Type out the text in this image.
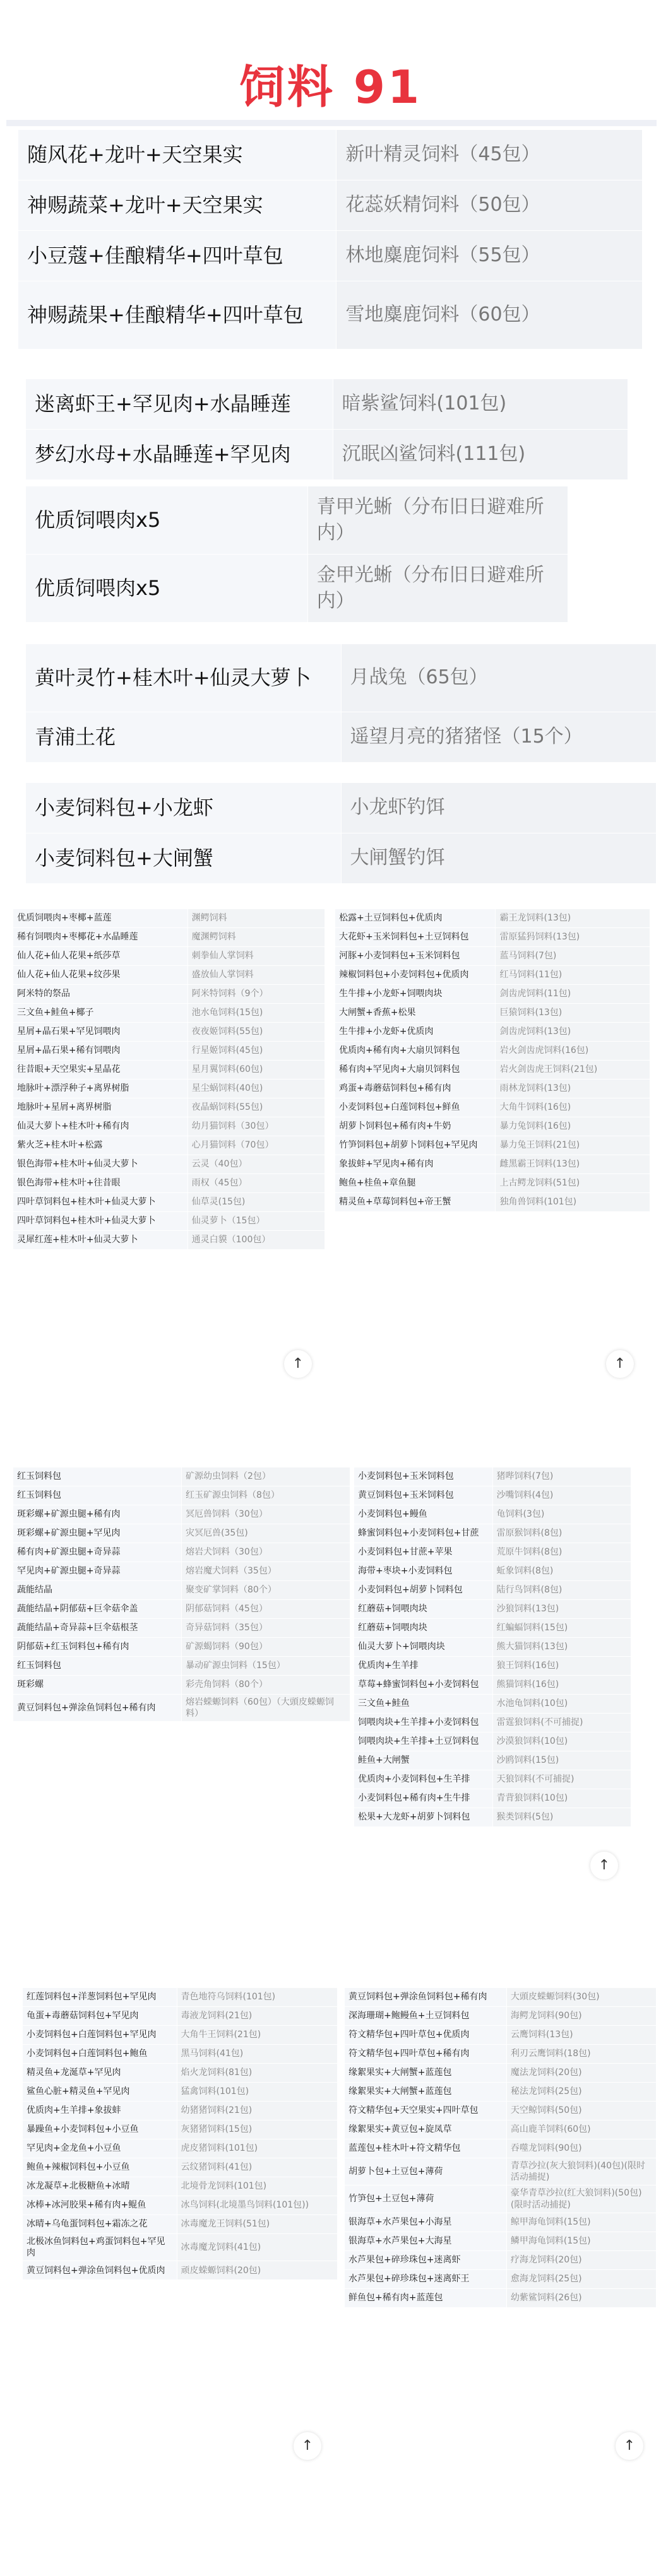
饲料 91
随风花+龙叶+天空果实	新叶精灵饲料（45包）
神赐蔬菜+龙叶+天空果实	花蕊妖精饲料（50包）
小豆蔻+佳酿精华+四叶草包	林地麋鹿饲料（55包）
神赐蔬果+佳酿精华+四叶草包	雪地麋鹿饲料（60包）
迷离虾王+罕见肉+水晶睡莲	暗紫鲨饲料(101包)
梦幻水母+水晶睡莲+罕见肉	沉眠凶鲨饲料(111包)
优质饲喂肉x5	青甲光蜥（分布旧日避难所内）
优质饲喂肉x5	金甲光蜥（分布旧日避难所内）
黄叶灵竹+桂木叶+仙灵大萝卜	月战兔（65包）
青浦土花	遥望月亮的猪猪怪（15个）
小麦饲料包+小龙虾	小龙虾钓饵
小麦饲料包+大闸蟹	大闸蟹钓饵
优质饲喂肉+枣椰+蓝莲	渊鳄饲料
稀有饲喂肉+枣椰花+水晶睡莲	魔渊鳄饲料
仙人花+仙人花果+纸莎草	刺拳仙人掌饲料
仙人花+仙人花果+纹莎果	盛放仙人掌饲料
阿米特的祭品	阿米特饲料（9个）
三文鱼+鲑鱼+椰子	池水龟饲料(15包)
星屑+晶石果+罕见饲喂肉	夜夜姬饲料(55包)
星屑+晶石果+稀有饲喂肉	行星姬饲料(45包)
往昔眼+天空果实+星晶花	星月翼饲料(60包)
地脉叶+漂浮种子+离界树脂	星尘蜗饲料(40包)
地脉叶+星屑+离界树脂	夜晶蜗饲料(55包)
仙灵大萝卜+桂木叶+稀有肉	幼月猫饲料（30包）
紫火芝+桂木叶+松露	心月猫饲料（70包）
银色海带+桂木叶+仙灵大萝卜	云灵（40包）
银色海带+桂木叶+往昔眼	雨权（45包）
四叶草饲料包+桂木叶+仙灵大萝卜	仙草灵(15包)
四叶草饲料包+桂木叶+仙灵大萝卜	仙灵萝卜（15包）
灵犀红莲+桂木叶+仙灵大萝卜	通灵白貘（100包）
↑
松露+土豆饲料包+优质肉	霸王龙饲料(13包)
大花虾+玉米饲料包+土豆饲料包	雷原猛犸饲料(13包)
河豚+小麦饲料包+玉米饲料包	蓝马饲料(7包)
辣椒饲料包+小麦饲料包+优质肉	红马饲料(11包)
生牛排+小龙虾+饲喂肉块	剑齿虎饲料(11包)
大闸蟹+香蕉+松果	巨猿饲料(13包)
生牛排+小龙虾+优质肉	剑齿虎饲料(13包)
优质肉+稀有肉+大扇贝饲料包	岩火剑齿虎饲料(16包)
稀有肉+罕见肉+大扇贝饲料包	岩火剑齿虎王饲料(21包)
鸡蛋+毒蘑菇饲料包+稀有肉	雨林龙饲料(13包)
小麦饲料包+白莲饲料包+鲜鱼	大角牛饲料(16包)
胡萝卜饲料包+稀有肉+牛奶	暴力兔饲料(16包)
竹笋饲料包+胡萝卜饲料包+罕见肉	暴力兔王饲料(21包)
象拔蚌+罕见肉+稀有肉	雌黑霸王饲料(13包)
鲍鱼+桂鱼+章鱼腿	上古鳄龙饲料(51包)
精灵鱼+草莓饲料包+帝王蟹	独角兽饲料(101包)
↑
红玉饲料包	矿源幼虫饲料（2包）
红玉饲料包	红玉矿源虫饲料（8包）
斑彩螺+矿源虫腿+稀有肉	冥厄兽饲料（30包）
斑彩螺+矿源虫腿+罕见肉	灾冥厄兽(35包)
稀有肉+矿源虫腿+奇异蒜	熔岩犬饲料（30包）
罕见肉+矿源虫腿+奇异蒜	熔岩魔犬饲料（35包）
蔬能结晶	聚变矿掌饲料（80个）
蔬能结晶+阴郁菇+巨伞菇伞盖	阴郁菇饲料（45包）
蔬能结晶+奇异蒜+巨伞菇根茎	奇异菇饲料（35包）
阴郁菇+红玉饲料包+稀有肉	矿源蝎饲料（90包）
红玉饲料包	暴动矿源虫饲料（15包）
斑彩螺	彩壳角饲料（80个）
黄豆饲料包+弹涂鱼饲料包+稀有肉	熔岩蝾螈饲料（60包）（大頭皮蝾螈饲料）
小麦饲料包+玉米饲料包	猪哔饲料(7包)
黄豆饲料包+玉米饲料包	沙嘴饲料(4包)
小麦饲料包+鳗鱼	龟饲料(3包)
蜂蜜饲料包+小麦饲料包+甘蔗	雷原猴饲料(8包)
小麦饲料包+甘蔗+苹果	荒原牛饲料(8包)
海带+枣块+小麦饲料包	蚯象饲料(8包)
小麦饲料包+胡萝卜饲料包	陆行鸟饲料(8包)
红蘑菇+饲喂肉块	沙狼饲料(13包)
红蘑菇+饲喂肉块	红蝙蝠饲料(15包)
仙灵大萝卜+饲喂肉块	熊大猫饲料(13包)
优质肉+生羊排	狼王饲料(16包)
草莓+蜂蜜饲料包+小麦饲料包	熊猫饲料(16包)
三文鱼+鲑鱼	水池龟饲料(10包)
饲喂肉块+生羊排+小麦饲料包	雷霆狼饲料(不可捕捉)
饲喂肉块+生羊排+土豆饲料包	沙漠狼饲料(10包)
鲑鱼+大闸蟹	沙鸥饲料(15包)
优质肉+小麦饲料包+生羊排	天狼饲料(不可捕捉)
小麦饲料包+稀有肉+生牛排	青背狼饲料(10包)
松果+大龙虾+胡萝卜饲料包	猴类饲料(5包)
↑
红莲饲料包+洋葱饲料包+罕见肉	青色地符乌饲料(101包)
龟蛋+毒蘑菇饲料包+罕见肉	毒液龙饲料(21包)
小麦饲料包+白莲饲料包+罕见肉	大角牛王饲料(21包)
小麦饲料包+白莲饲料包+鲍鱼	黑马饲料(41包)
精灵鱼+龙涎草+罕见肉	焰火龙饲料(81包)
鲨鱼心脏+精灵鱼+罕见肉	猛禽饲料(101包)
优质肉+生羊排+象拔蚌	幼猪猪饲料(21包)
暴躁鱼+小麦饲料包+小豆鱼	灰猪猪饲料(15包)
罕见肉+金龙鱼+小豆鱼	虎皮猪饲料(101包)
鲍鱼+辣椒饲料包+小豆鱼	云纹猪饲料(41包)
冰龙凝草+北极糖鱼+冰晴	北境骨龙饲料(101包)
冰棒+冰河胶果+稀有肉+鲲鱼	冰鸟饲料(北境墨鸟饲料(101包))
冰晴+乌龟蛋饲料包+霜冻之花	冰毒魔龙王饲料(51包)
北极冰鱼饲料包+鸡蛋饲料包+罕见肉	冰毒魔龙饲料(41包)
黄豆饲料包+弹涂鱼饲料包+优质肉	顽皮蝾螈饲料(20包)
↑
黄豆饲料包+弹涂鱼饲料包+稀有肉	大頭皮蝾螈饲料(30包)
深海珊瑚+鲍鳗鱼+土豆饲料包	海鳄龙饲料(90包)
符文精华包+四叶草包+优质肉	云鹰饲料(13包)
符文精华包+四叶草包+稀有肉	利刃云鹰饲料(18包)
缘絮果实+大闸蟹+蓝莲包	魔法龙饲料(20包)
缘絮果实+大闸蟹+蓝莲包	秘法龙饲料(25包)
符文精华包+天空果实+四叶草包	天空鲸饲料(50包)
缘絮果实+黄豆包+旋凤草	高山鹿羊饲料(60包)
蓝莲包+桂木叶+符文精华包	吞噬龙饲料(90包)
胡萝卜包+土豆包+薄荷	青草沙拉(灰大狼饲料)(40包)(限时活动捕捉)
竹笋包+土豆包+薄荷	豪华青草沙拉(红大狼饲料)(50包)(限时活动捕捉)
银海草+水芦果包+小海星	鲸甲海龟饲料(15包)
银海草+水芦果包+大海星	鳞甲海龟饲料(15包)
水芦果包+碎珍珠包+迷离虾	疗海龙饲料(20包)
水芦果包+碎珍珠包+迷离虾王	愈海龙饲料(25包)
鲜鱼包+稀有肉+蓝莲包	幼紫鲨饲料(26包)
↑
